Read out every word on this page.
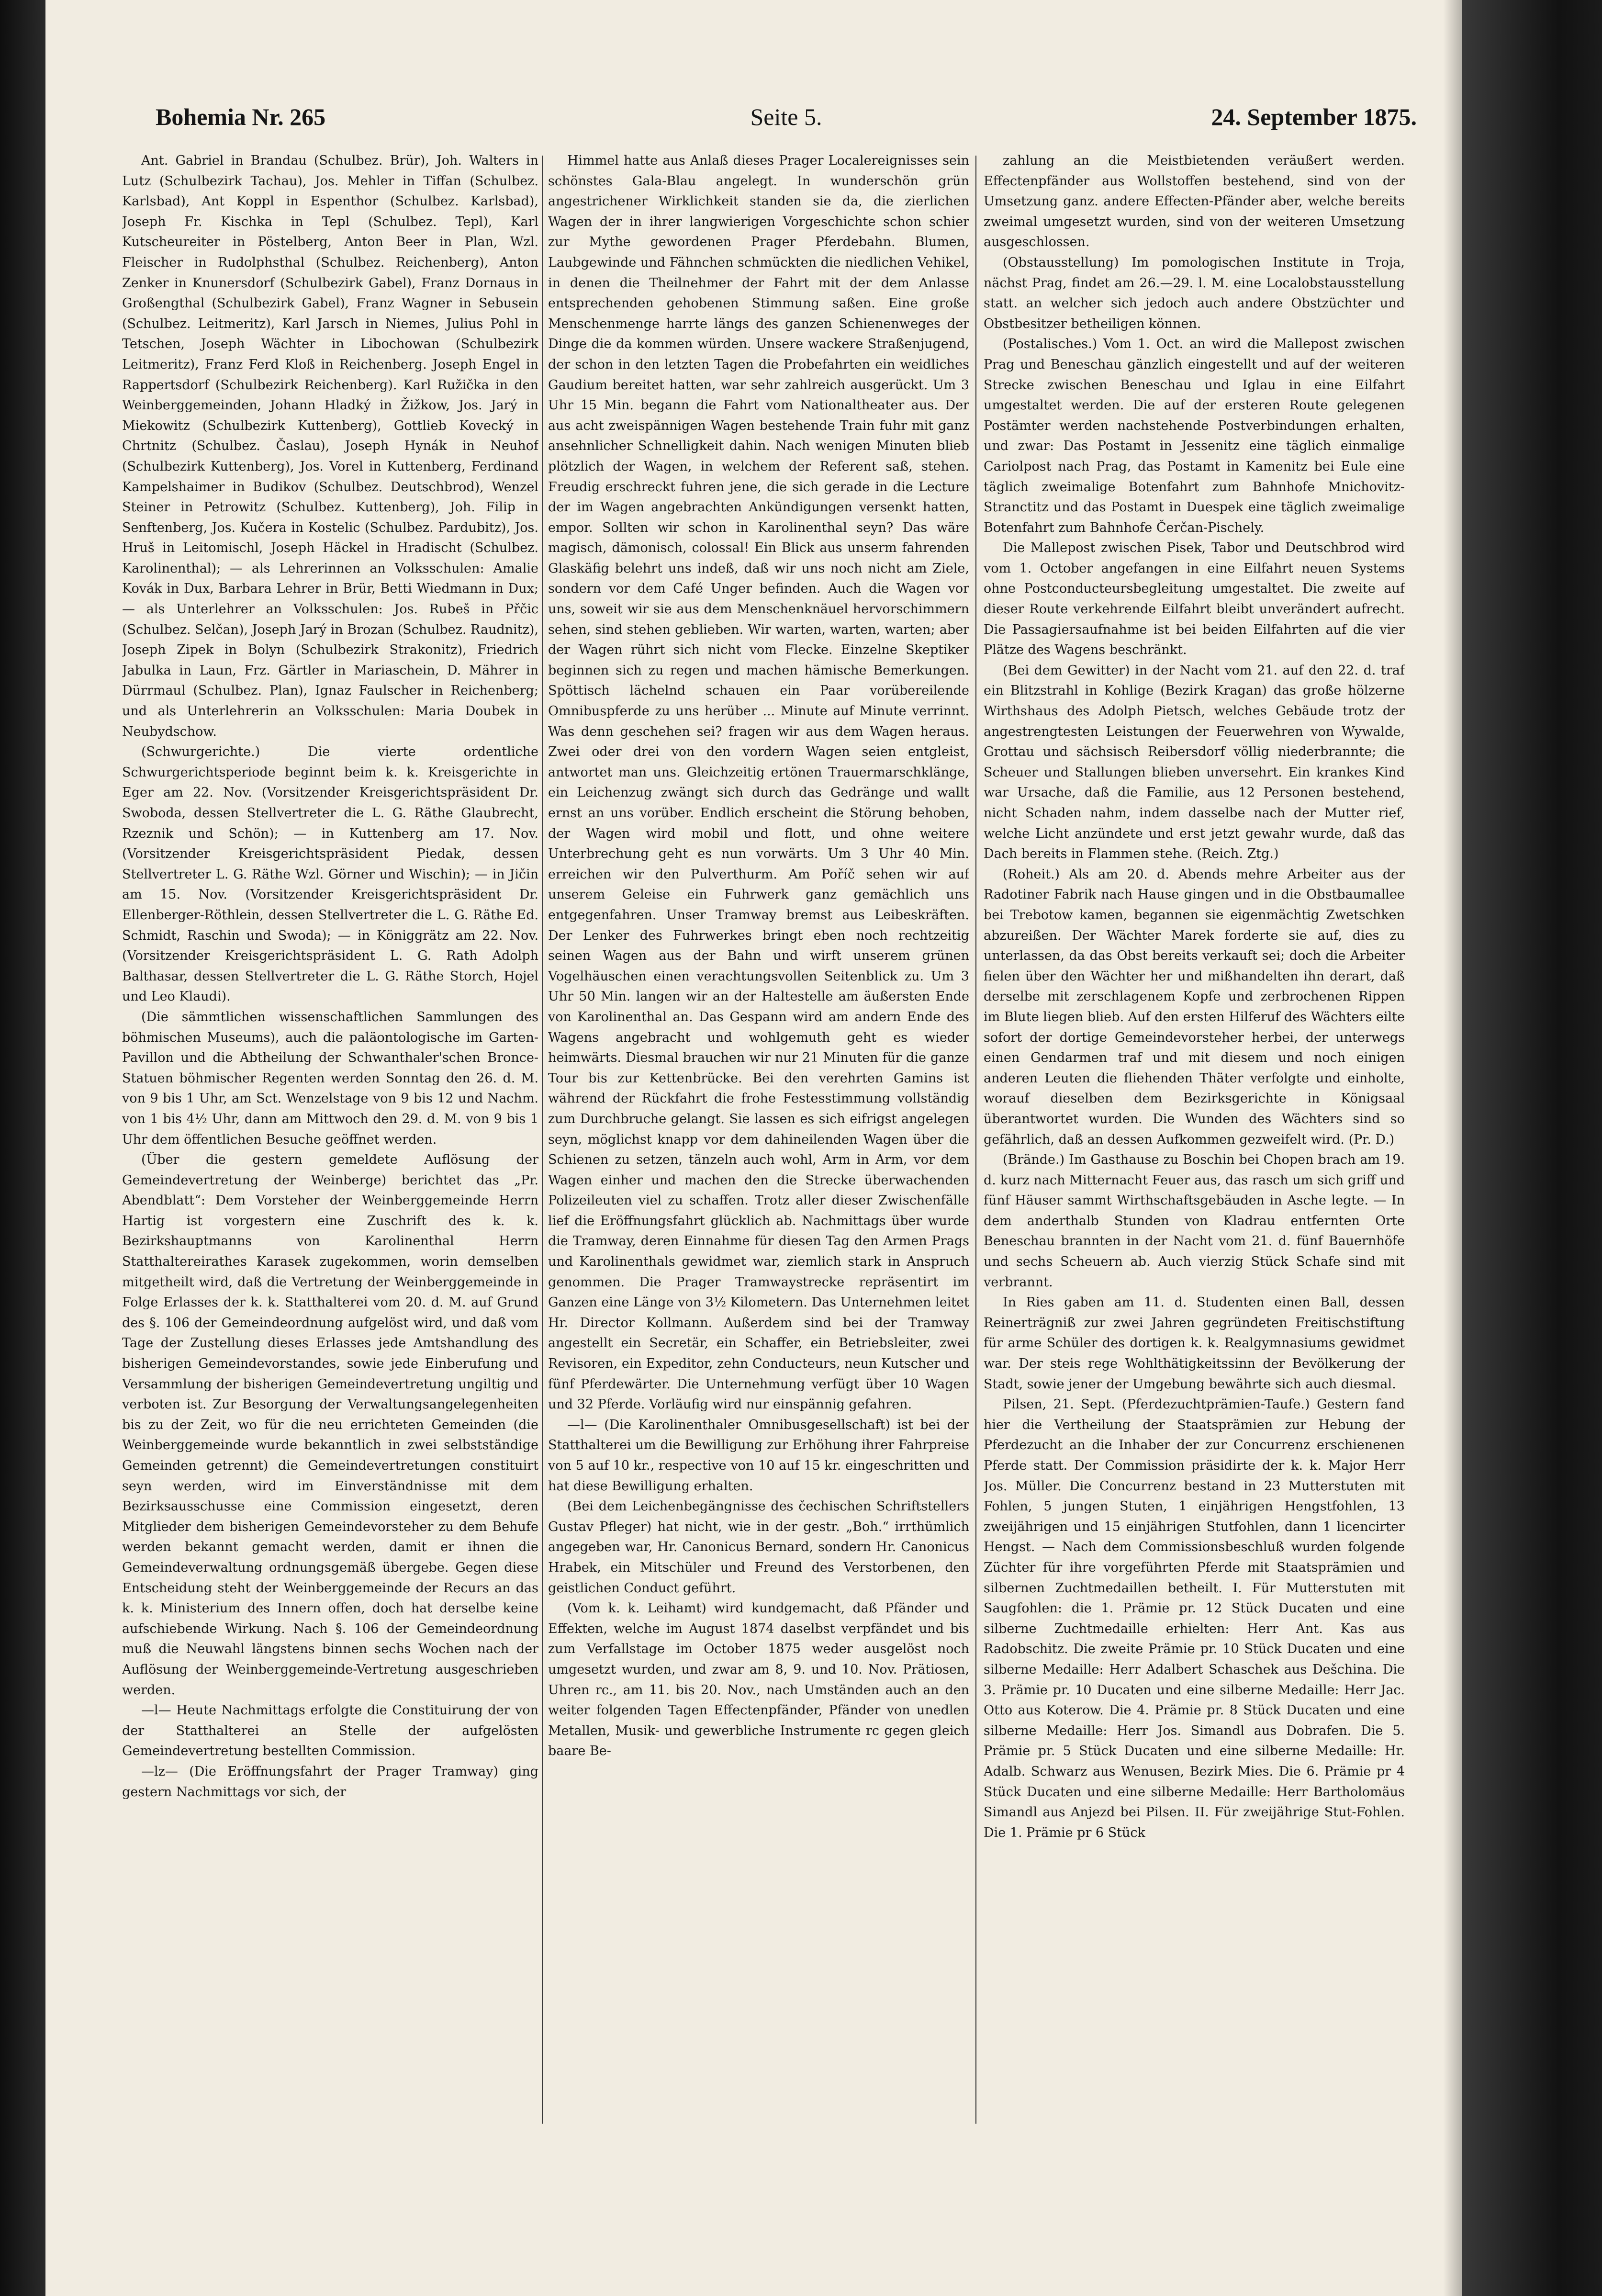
Bohemia Nr. 265	Seite 5.	24. September 1875.

Ant. Gabriel in Brandau (Schulbez. Brür), Joh. Walters in Lutz (Schulbezirk Tachau), Jos. Mehler in Tiffan (Schulbez. Karlsbad), Ant Koppl in Espenthor (Schulbez. Karlsbad), Joseph Fr. Kischka in Tepl (Schulbez. Tepl), Karl Kutscheureiter in Pöstelberg, Anton Beer in Plan, Wzl. Fleischer in Rudolphsthal (Schulbez. Reichenberg), Anton Zenker in Knunersdorf (Schulbezirk Gabel), Franz Dornaus in Großengthal (Schulbezirk Gabel), Franz Wagner in Sebusein (Schulbez. Leitmeritz), Karl Jarsch in Niemes, Julius Pohl in Tetschen, Joseph Wächter in Libochowan (Schulbezirk Leitmeritz), Franz Ferd Kloß in Reichenberg. Joseph Engel in Rappertsdorf (Schulbezirk Reichenberg). Karl Ružička in den Weinberggemeinden, Johann Hladký in Žižkow, Jos. Jarý in Miekowitz (Schulbezirk Kuttenberg), Gottlieb Kovecký in Chrtnitz (Schulbez. Časlau), Joseph Hynák in Neuhof (Schulbezirk Kuttenberg), Jos. Vorel in Kuttenberg, Ferdinand Kampelshaimer in Budikov (Schulbez. Deutschbrod), Wenzel Steiner in Petrowitz (Schulbez. Kuttenberg), Joh. Filip in Senftenberg, Jos. Kučera in Kostelic (Schulbez. Pardubitz), Jos. Hruš in Leitomischl, Joseph Häckel in Hradischt (Schulbez. Karolinenthal); — als Lehrerinnen an Volksschulen: Amalie Kovák in Dux, Barbara Lehrer in Brür, Betti Wiedmann in Dux; — als Unterlehrer an Volksschulen: Jos. Rubeš in Přčic (Schulbez. Selčan), Joseph Jarý in Brozan (Schulbez. Raudnitz), Joseph Zipek in Bolyn (Schulbezirk Strakonitz), Friedrich Jabulka in Laun, Frz. Gärtler in Mariaschein, D. Mährer in Dürrmaul (Schulbez. Plan), Ignaz Faulscher in Reichenberg; und als Unterlehrerin an Volksschulen: Maria Doubek in Neubydschow.

(Schwurgerichte.) Die vierte ordentliche Schwurgerichtsperiode beginnt beim k. k. Kreisgerichte in Eger am 22. Nov. (Vorsitzender Kreisgerichtspräsident Dr. Swoboda, dessen Stellvertreter die L. G. Räthe Glaubrecht, Rzeznik und Schön); — in Kuttenberg am 17. Nov. (Vorsitzender Kreisgerichtspräsident Piedak, dessen Stellvertreter L. G. Räthe Wzl. Görner und Wischin); — in Jičin am 15. Nov. (Vorsitzender Kreisgerichtspräsident Dr. Ellenberger-Röthlein, dessen Stellvertreter die L. G. Räthe Ed. Schmidt, Raschin und Swoda); — in Königgrätz am 22. Nov. (Vorsitzender Kreisgerichtspräsident L. G. Rath Adolph Balthasar, dessen Stellvertreter die L. G. Räthe Storch, Hojel und Leo Klaudi).

(Die sämmtlichen wissenschaftlichen Sammlungen des böhmischen Museums), auch die paläontologische im Garten-Pavillon und die Abtheilung der Schwanthaler'schen Bronce-Statuen böhmischer Regenten werden Sonntag den 26. d. M. von 9 bis 1 Uhr, am Sct. Wenzelstage von 9 bis 12 und Nachm. von 1 bis 4½ Uhr, dann am Mittwoch den 29. d. M. von 9 bis 1 Uhr dem öffentlichen Besuche geöffnet werden.

(Über die gestern gemeldete Auflösung der Gemeindevertretung der Weinberge) berichtet das „Pr. Abendblatt“: Dem Vorsteher der Weinberggemeinde Herrn Hartig ist vorgestern eine Zuschrift des k. k. Bezirkshauptmanns von Karolinenthal Herrn Statthaltereirathes Karasek zugekommen, worin demselben mitgetheilt wird, daß die Vertretung der Weinberggemeinde in Folge Erlasses der k. k. Statthalterei vom 20. d. M. auf Grund des §. 106 der Gemeindeordnung aufgelöst wird, und daß vom Tage der Zustellung dieses Erlasses jede Amtshandlung des bisherigen Gemeindevorstandes, sowie jede Einberufung und Versammlung der bisherigen Gemeindevertretung ungiltig und verboten ist. Zur Besorgung der Verwaltungsangelegenheiten bis zu der Zeit, wo für die neu errichteten Gemeinden (die Weinberggemeinde wurde bekanntlich in zwei selbstständige Gemeinden getrennt) die Gemeindevertretungen constituirt seyn werden, wird im Einverständnisse mit dem Bezirksausschusse eine Commission eingesetzt, deren Mitglieder dem bisherigen Gemeindevorsteher zu dem Behufe werden bekannt gemacht werden, damit er ihnen die Gemeindeverwaltung ordnungsgemäß übergebe. Gegen diese Entscheidung steht der Weinberggemeinde der Recurs an das k. k. Ministerium des Innern offen, doch hat derselbe keine aufschiebende Wirkung. Nach §. 106 der Gemeindeordnung muß die Neuwahl längstens binnen sechs Wochen nach der Auflösung der Weinberggemeinde-Vertretung ausgeschrieben werden.

—l— Heute Nachmittags erfolgte die Constituirung der von der Statthalterei an Stelle der aufgelösten Gemeindevertretung bestellten Commission.

—lz— (Die Eröffnungsfahrt der Prager Tramway) ging gestern Nachmittags vor sich, der

Himmel hatte aus Anlaß dieses Prager Localereignisses sein schönstes Gala-Blau angelegt. In wunderschön grün angestrichener Wirklichkeit standen sie da, die zierlichen Wagen der in ihrer langwierigen Vorgeschichte schon schier zur Mythe gewordenen Prager Pferdebahn. Blumen, Laubgewinde und Fähnchen schmückten die niedlichen Vehikel, in denen die Theilnehmer der Fahrt mit der dem Anlasse entsprechenden gehobenen Stimmung saßen. Eine große Menschenmenge harrte längs des ganzen Schienenweges der Dinge die da kommen würden. Unsere wackere Straßenjugend, der schon in den letzten Tagen die Probefahrten ein weidliches Gaudium bereitet hatten, war sehr zahlreich ausgerückt. Um 3 Uhr 15 Min. begann die Fahrt vom Nationaltheater aus. Der aus acht zweispännigen Wagen bestehende Train fuhr mit ganz ansehnlicher Schnelligkeit dahin. Nach wenigen Minuten blieb plötzlich der Wagen, in welchem der Referent saß, stehen. Freudig erschreckt fuhren jene, die sich gerade in die Lecture der im Wagen angebrachten Ankündigungen versenkt hatten, empor. Sollten wir schon in Karolinenthal seyn? Das wäre magisch, dämonisch, colossal! Ein Blick aus unserm fahrenden Glaskäfig belehrt uns indeß, daß wir uns noch nicht am Ziele, sondern vor dem Café Unger befinden. Auch die Wagen vor uns, soweit wir sie aus dem Menschenknäuel hervorschimmern sehen, sind stehen geblieben. Wir warten, warten, warten; aber der Wagen rührt sich nicht vom Flecke. Einzelne Skeptiker beginnen sich zu regen und machen hämische Bemerkungen. Spöttisch lächelnd schauen ein Paar vorübereilende Omnibuspferde zu uns herüber ... Minute auf Minute verrinnt. Was denn geschehen sei? fragen wir aus dem Wagen heraus. Zwei oder drei von den vordern Wagen seien entgleist, antwortet man uns. Gleichzeitig ertönen Trauermarschklänge, ein Leichenzug zwängt sich durch das Gedränge und wallt ernst an uns vorüber. Endlich erscheint die Störung behoben, der Wagen wird mobil und flott, und ohne weitere Unterbrechung geht es nun vorwärts. Um 3 Uhr 40 Min. erreichen wir den Pulverthurm. Am Poříč sehen wir auf unserem Geleise ein Fuhrwerk ganz gemächlich uns entgegenfahren. Unser Tramway bremst aus Leibeskräften. Der Lenker des Fuhrwerkes bringt eben noch rechtzeitig seinen Wagen aus der Bahn und wirft unserem grünen Vogelhäuschen einen verachtungsvollen Seitenblick zu. Um 3 Uhr 50 Min. langen wir an der Haltestelle am äußersten Ende von Karolinenthal an. Das Gespann wird am andern Ende des Wagens angebracht und wohlgemuth geht es wieder heimwärts. Diesmal brauchen wir nur 21 Minuten für die ganze Tour bis zur Kettenbrücke. Bei den verehrten Gamins ist während der Rückfahrt die frohe Festesstimmung vollständig zum Durchbruche gelangt. Sie lassen es sich eifrigst angelegen seyn, möglichst knapp vor dem dahineilenden Wagen über die Schienen zu setzen, tänzeln auch wohl, Arm in Arm, vor dem Wagen einher und machen den die Strecke überwachenden Polizeileuten viel zu schaffen. Trotz aller dieser Zwischenfälle lief die Eröffnungsfahrt glücklich ab. Nachmittags über wurde die Tramway, deren Einnahme für diesen Tag den Armen Prags und Karolinenthals gewidmet war, ziemlich stark in Anspruch genommen. Die Prager Tramwaystrecke repräsentirt im Ganzen eine Länge von 3½ Kilometern. Das Unternehmen leitet Hr. Director Kollmann. Außerdem sind bei der Tramway angestellt ein Secretär, ein Schaffer, ein Betriebsleiter, zwei Revisoren, ein Expeditor, zehn Conducteurs, neun Kutscher und fünf Pferdewärter. Die Unternehmung verfügt über 10 Wagen und 32 Pferde. Vorläufig wird nur einspännig gefahren.

—l— (Die Karolinenthaler Omnibusgesellschaft) ist bei der Statthalterei um die Bewilligung zur Erhöhung ihrer Fahrpreise von 5 auf 10 kr., respective von 10 auf 15 kr. eingeschritten und hat diese Bewilligung erhalten.

(Bei dem Leichenbegängnisse des čechischen Schriftstellers Gustav Pfleger) hat nicht, wie in der gestr. „Boh.“ irrthümlich angegeben war, Hr. Canonicus Bernard, sondern Hr. Canonicus Hrabek, ein Mitschüler und Freund des Verstorbenen, den geistlichen Conduct geführt.

(Vom k. k. Leihamt) wird kundgemacht, daß Pfänder und Effekten, welche im August 1874 daselbst verpfändet und bis zum Verfallstage im October 1875 weder ausgelöst noch umgesetzt wurden, und zwar am 8, 9. und 10. Nov. Prätiosen, Uhren rc., am 11. bis 20. Nov., nach Umständen auch an den weiter folgenden Tagen Effectenpfänder, Pfänder von unedlen Metallen, Musik- und gewerbliche Instrumente rc gegen gleich baare Be-

zahlung an die Meistbietenden veräußert werden. Effectenpfänder aus Wollstoffen bestehend, sind von der Umsetzung ganz. andere Effecten-Pfänder aber, welche bereits zweimal umgesetzt wurden, sind von der weiteren Umsetzung ausgeschlossen.

(Obstausstellung) Im pomologischen Institute in Troja, nächst Prag, findet am 26.—29. l. M. eine Localobstausstellung statt. an welcher sich jedoch auch andere Obstzüchter und Obstbesitzer betheiligen können.

(Postalisches.) Vom 1. Oct. an wird die Mallepost zwischen Prag und Beneschau gänzlich eingestellt und auf der weiteren Strecke zwischen Beneschau und Iglau in eine Eilfahrt umgestaltet werden. Die auf der ersteren Route gelegenen Postämter werden nachstehende Postverbindungen erhalten, und zwar: Das Postamt in Jessenitz eine täglich einmalige Cariolpost nach Prag, das Postamt in Kamenitz bei Eule eine täglich zweimalige Botenfahrt zum Bahnhofe Mnichovitz-Stranctitz und das Postamt in Duespek eine täglich zweimalige Botenfahrt zum Bahnhofe Čerčan-Pischely.

Die Mallepost zwischen Pisek, Tabor und Deutschbrod wird vom 1. October angefangen in eine Eilfahrt neuen Systems ohne Postconducteursbegleitung umgestaltet. Die zweite auf dieser Route verkehrende Eilfahrt bleibt unverändert aufrecht. Die Passagiersaufnahme ist bei beiden Eilfahrten auf die vier Plätze des Wagens beschränkt.

(Bei dem Gewitter) in der Nacht vom 21. auf den 22. d. traf ein Blitzstrahl in Kohlige (Bezirk Kragan) das große hölzerne Wirthshaus des Adolph Pietsch, welches Gebäude trotz der angestrengtesten Leistungen der Feuerwehren von Wywalde, Grottau und sächsisch Reibersdorf völlig niederbrannte; die Scheuer und Stallungen blieben unversehrt. Ein krankes Kind war Ursache, daß die Familie, aus 12 Personen bestehend, nicht Schaden nahm, indem dasselbe nach der Mutter rief, welche Licht anzündete und erst jetzt gewahr wurde, daß das Dach bereits in Flammen stehe. (Reich. Ztg.)

(Roheit.) Als am 20. d. Abends mehre Arbeiter aus der Radotiner Fabrik nach Hause gingen und in die Obstbaumallee bei Trebotow kamen, begannen sie eigenmächtig Zwetschken abzureißen. Der Wächter Marek forderte sie auf, dies zu unterlassen, da das Obst bereits verkauft sei; doch die Arbeiter fielen über den Wächter her und mißhandelten ihn derart, daß derselbe mit zerschlagenem Kopfe und zerbrochenen Rippen im Blute liegen blieb. Auf den ersten Hilferuf des Wächters eilte sofort der dortige Gemeindevorsteher herbei, der unterwegs einen Gendarmen traf und mit diesem und noch einigen anderen Leuten die fliehenden Thäter verfolgte und einholte, worauf dieselben dem Bezirksgerichte in Königsaal überantwortet wurden. Die Wunden des Wächters sind so gefährlich, daß an dessen Aufkommen gezweifelt wird. (Pr. D.)

(Brände.) Im Gasthause zu Boschin bei Chopen brach am 19. d. kurz nach Mitternacht Feuer aus, das rasch um sich griff und fünf Häuser sammt Wirthschaftsgebäuden in Asche legte. — In dem anderthalb Stunden von Kladrau entfernten Orte Beneschau brannten in der Nacht vom 21. d. fünf Bauernhöfe und sechs Scheuern ab. Auch vierzig Stück Schafe sind mit verbrannt.

In Ries gaben am 11. d. Studenten einen Ball, dessen Reinerträgniß zur zwei Jahren gegründeten Freitischstiftung für arme Schüler des dortigen k. k. Realgymnasiums gewidmet war. Der steis rege Wohlthätigkeitssinn der Bevölkerung der Stadt, sowie jener der Umgebung bewährte sich auch diesmal.

Pilsen, 21. Sept. (Pferdezuchtprämien-Taufe.) Gestern fand hier die Vertheilung der Staatsprämien zur Hebung der Pferdezucht an die Inhaber der zur Concurrenz erschienenen Pferde statt. Der Commission präsidirte der k. k. Major Herr Jos. Müller. Die Concurrenz bestand in 23 Mutterstuten mit Fohlen, 5 jungen Stuten, 1 einjährigen Hengstfohlen, 13 zweijährigen und 15 einjährigen Stutfohlen, dann 1 licencirter Hengst. — Nach dem Commissionsbeschluß wurden folgende Züchter für ihre vorgeführten Pferde mit Staatsprämien und silbernen Zuchtmedaillen betheilt. I. Für Mutterstuten mit Saugfohlen: die 1. Prämie pr. 12 Stück Ducaten und eine silberne Zuchtmedaille erhielten: Herr Ant. Kas aus Radobschitz. Die zweite Prämie pr. 10 Stück Ducaten und eine silberne Medaille: Herr Adalbert Schaschek aus Dešchina. Die 3. Prämie pr. 10 Ducaten und eine silberne Medaille: Herr Jac. Otto aus Koterow. Die 4. Prämie pr. 8 Stück Ducaten und eine silberne Medaille: Herr Jos. Simandl aus Dobrafen. Die 5. Prämie pr. 5 Stück Ducaten und eine silberne Medaille: Hr. Adalb. Schwarz aus Wenusen, Bezirk Mies. Die 6. Prämie pr 4 Stück Ducaten und eine silberne Medaille: Herr Bartholomäus Simandl aus Anjezd bei Pilsen. II. Für zweijährige Stut-Fohlen. Die 1. Prämie pr 6 Stück
